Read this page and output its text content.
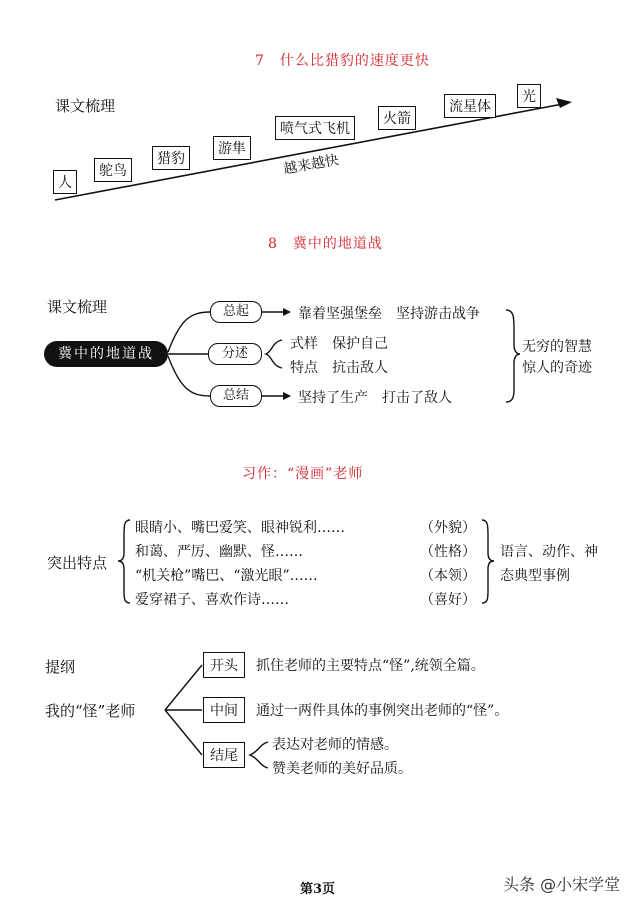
7　什么比猎豹的速度更快
课文梳理
人
鸵鸟
猎豹
游隼
喷气式飞机
火箭
流星体
光
越来越快
8　冀中的地道战
课文梳理
冀中的地道战
总起
分述
总结
靠着坚强堡垒　坚持游击战争
式样　保护自己
特点　抗击敌人
坚持了生产　打击了敌人
无穷的智慧
惊人的奇迹
习作：“漫画”老师
突出特点
眼睛小、嘴巴爱笑、眼神锐利……	（外貌）
和蔼、严厉、幽默、怪……	（性格）
“机关枪”嘴巴、“激光眼”……	（本领）
爱穿裙子、喜欢作诗……	（喜好）
语言、动作、神
态典型事例
提纲
我的“怪”老师
开头
中间
结尾
抓住老师的主要特点“怪”,统领全篇。
通过一两件具体的事例突出老师的“怪”。
表达对老师的情感。
赞美老师的美好品质。
第3页	头条 @小宋学堂
